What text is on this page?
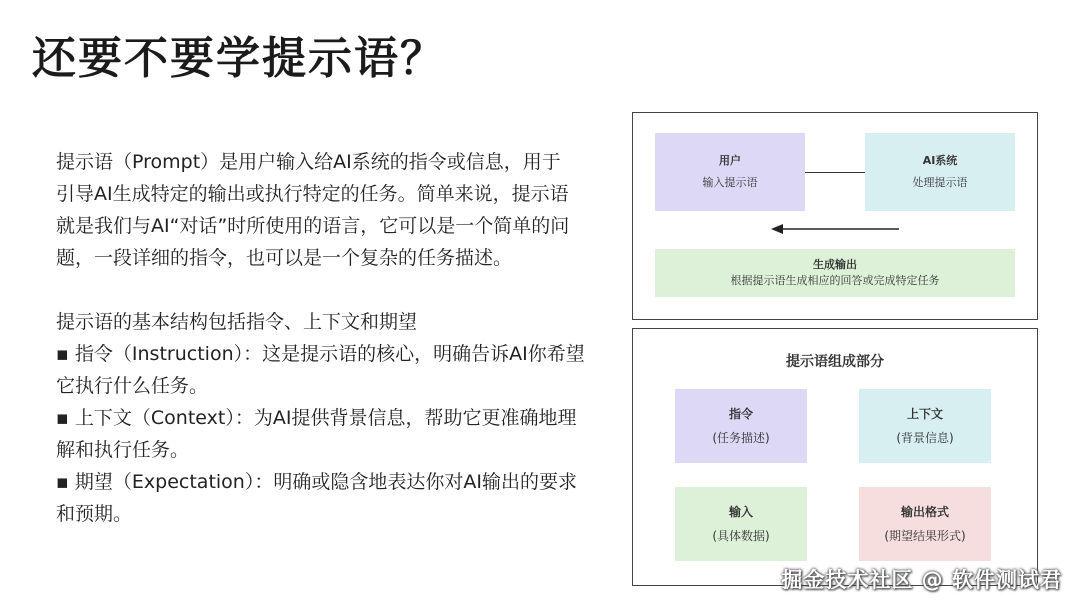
还要不要学提示语？

提示语（Prompt）是用户输入给AI系统的指令或信息，用于

引导AI生成特定的输出或执行特定的任务。简单来说，提示语

就是我们与AI“对话”时所使用的语言，它可以是一个简单的问

题，一段详细的指令，也可以是一个复杂的任务描述。

提示语的基本结构包括指令、上下文和期望

▪ 指令（Instruction）：这是提示语的核心，明确告诉AI你希望

它执行什么任务。

▪ 上下文（Context）：为AI提供背景信息，帮助它更准确地理

解和执行任务。

▪ 期望（Expectation）：明确或隐含地表达你对AI输出的要求

和预期。

用户
输入提示语
AI系统
处理提示语
生成输出
根据提示语生成相应的回答或完成特定任务
提示语组成部分
指令
(任务描述)
上下文
(背景信息)
输入
(具体数据)
输出格式
(期望结果形式)
掘金技术社区 @ 软件测试君
